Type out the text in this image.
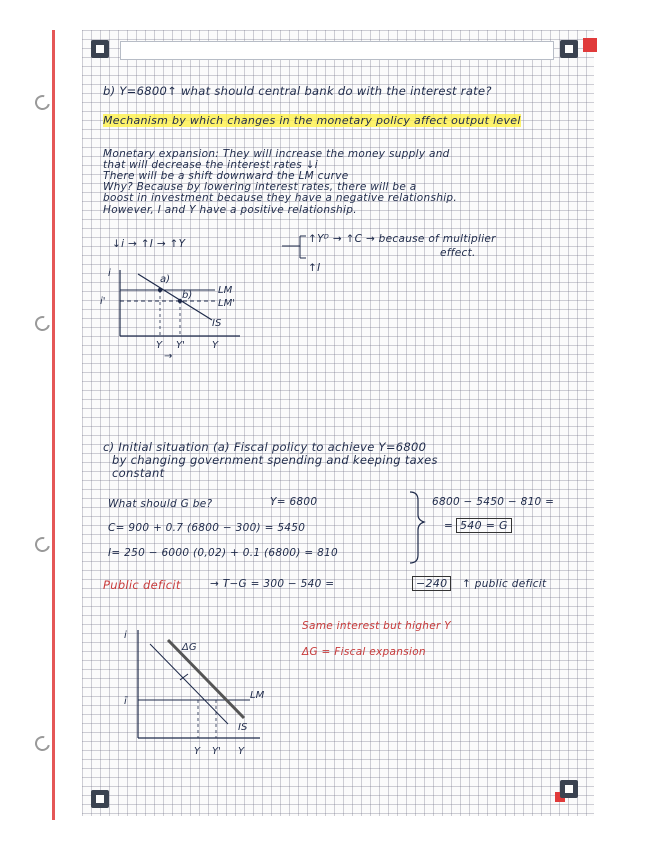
b) Y=6800↑ what should central bank do with the interest rate?
Mechanism by which changes in the monetary policy affect output level
Monetary expansion: They will increase the money supply and
that will decrease the interest rates ↓i
There will be a shift downward the LM curve
Why? Because by lowering interest rates, there will be a
boost in investment because they have a negative relationship.
However, I and Y have a positive relationship.
↓i → ↑I → ↑Y	↑Yᴰ → ↑C → because of multiplier
effect.
↑I
i
i'
a)
b)	LM
LM'
IS
Y Y'	Y
→
c) Initial situation (a) Fiscal policy to achieve Y=6800
by changing government spending and keeping taxes
constant
What should G be?	Y= 6800
C= 900 + 0.7 (6800 − 300) = 5450
I= 250 − 6000 (0,02) + 0.1 (6800) = 810
6800 − 5450 − 810 =
= 540 = G
Public deficit	→ T−G = 300 − 540 =	−240	↑ public deficit
Same interest but higher Y
ΔG = Fiscal expansion
i
ī
ΔG
LM
IS
Y Y' Y
